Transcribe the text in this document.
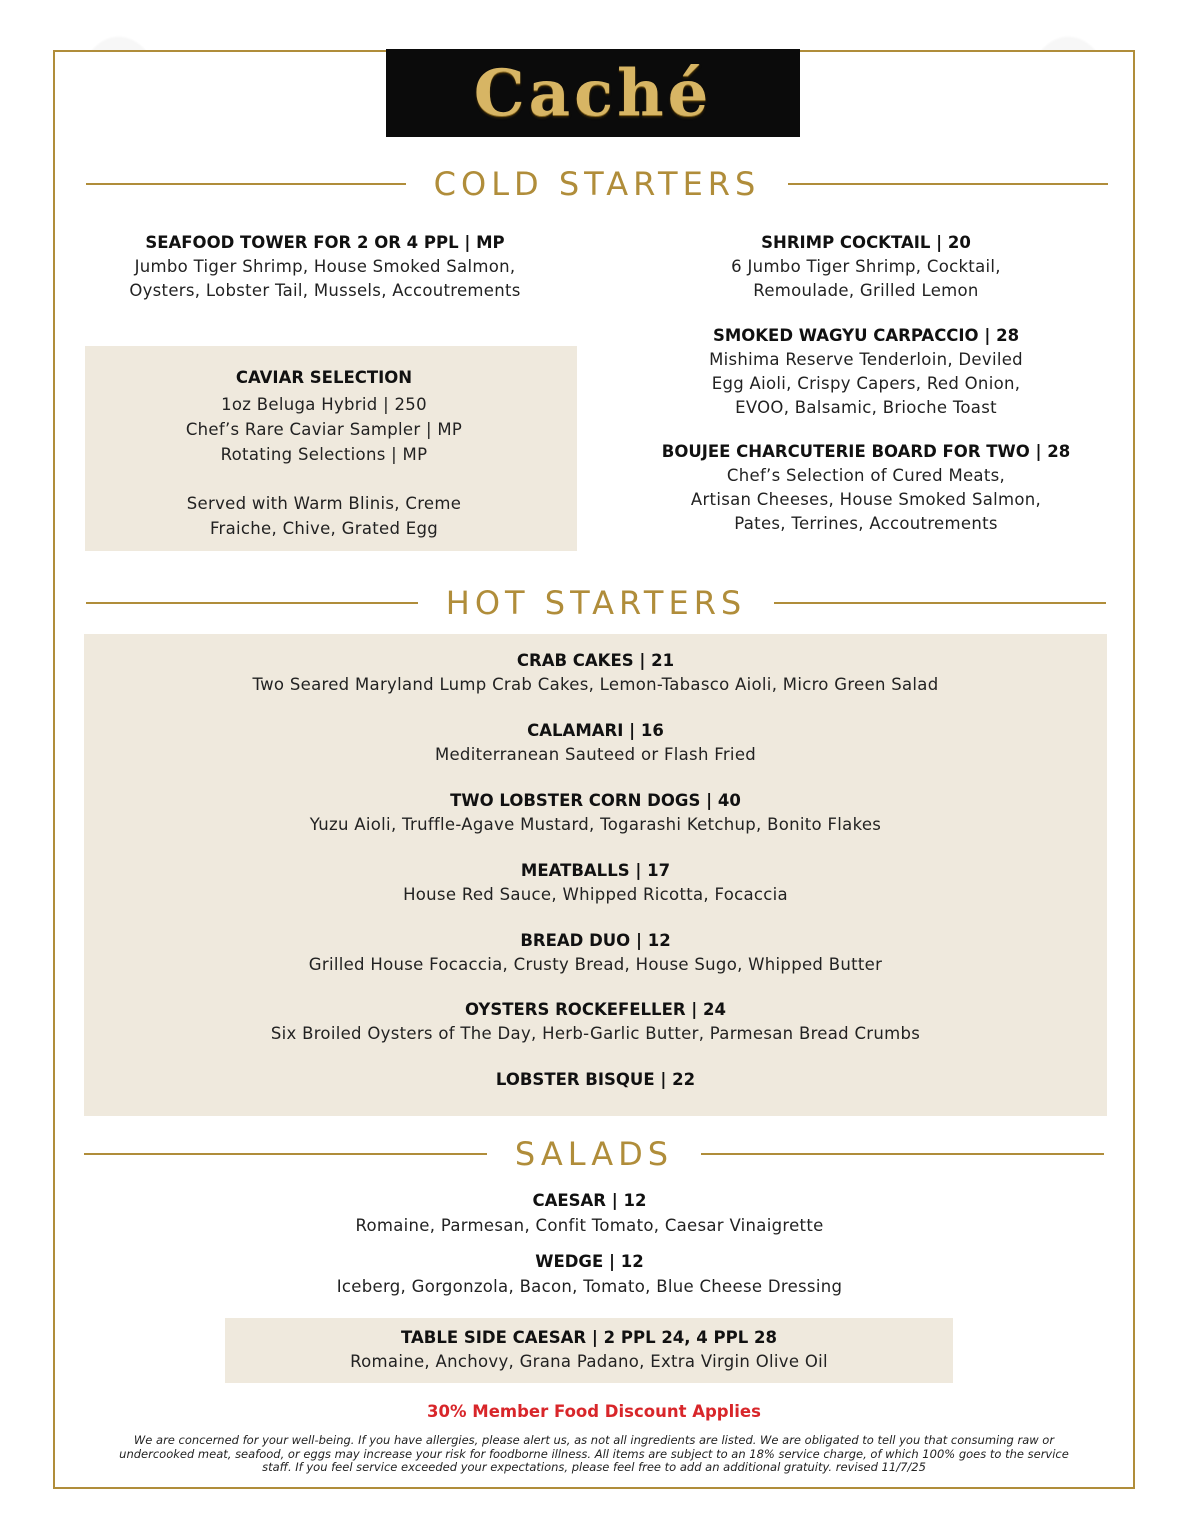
Caché
COLD STARTERS
SEAFOOD TOWER FOR 2 OR 4 PPL | MP
Jumbo Tiger Shrimp, House Smoked Salmon,
Oysters, Lobster Tail, Mussels, Accoutrements
CAVIAR SELECTION
1oz Beluga Hybrid | 250
Chef’s Rare Caviar Sampler | MP
Rotating Selections | MP
Served with Warm Blinis, Creme
Fraiche, Chive, Grated Egg
SHRIMP COCKTAIL | 20
6 Jumbo Tiger Shrimp, Cocktail,
Remoulade, Grilled Lemon
SMOKED WAGYU CARPACCIO | 28
Mishima Reserve Tenderloin, Deviled
Egg Aioli, Crispy Capers, Red Onion,
EVOO, Balsamic, Brioche Toast
BOUJEE CHARCUTERIE BOARD FOR TWO | 28
Chef’s Selection of Cured Meats,
Artisan Cheeses, House Smoked Salmon,
Pates, Terrines, Accoutrements
HOT STARTERS
CRAB CAKES | 21
Two Seared Maryland Lump Crab Cakes, Lemon-Tabasco Aioli, Micro Green Salad
CALAMARI | 16
Mediterranean Sauteed or Flash Fried
TWO LOBSTER CORN DOGS | 40
Yuzu Aioli, Truffle-Agave Mustard, Togarashi Ketchup, Bonito Flakes
MEATBALLS | 17
House Red Sauce, Whipped Ricotta, Focaccia
BREAD DUO | 12
Grilled House Focaccia, Crusty Bread, House Sugo, Whipped Butter
OYSTERS ROCKEFELLER | 24
Six Broiled Oysters of The Day, Herb-Garlic Butter, Parmesan Bread Crumbs
LOBSTER BISQUE | 22
SALADS
CAESAR | 12
Romaine, Parmesan, Confit Tomato, Caesar Vinaigrette
WEDGE | 12
Iceberg, Gorgonzola, Bacon, Tomato, Blue Cheese Dressing
TABLE SIDE CAESAR | 2 PPL 24, 4 PPL 28
Romaine, Anchovy, Grana Padano, Extra Virgin Olive Oil
30% Member Food Discount Applies
We are concerned for your well-being. If you have allergies, please alert us, as not all ingredients are listed. We are obligated to tell you that consuming raw or
undercooked meat, seafood, or eggs may increase your risk for foodborne illness. All items are subject to an 18% service charge, of which 100% goes to the service
staff. If you feel service exceeded your expectations, please feel free to add an additional gratuity. revised 11/7/25
